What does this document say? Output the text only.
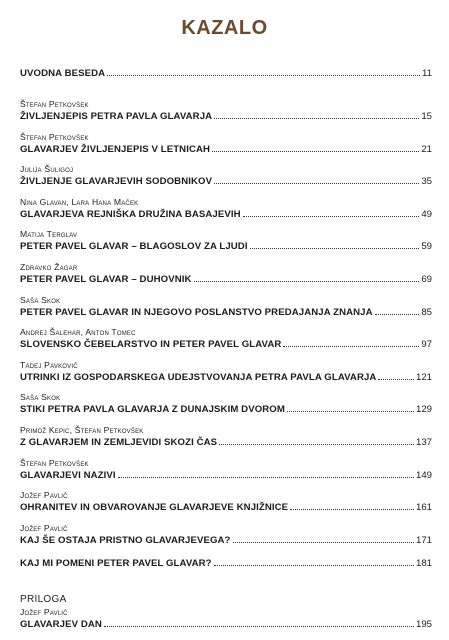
KAZALO
UVODNA BESEDA	11
Štefan Petkovšek
ŽIVLJENJEPIS PETRA PAVLA GLAVARJA	15
Štefan Petkovšek
GLAVARJEV ŽIVLJENJEPIS V LETNICAH	21
Julija Šuligoj
ŽIVLJENJE GLAVARJEVIH SODOBNIKOV	35
Nina Glavan, Lara Hana Maček
GLAVARJEVA REJNIŠKA DRUŽINA BASAJEVIH	49
Matija Terglav
PETER PAVEL GLAVAR – BLAGOSLOV ZA LJUDI	59
Zdravko Žagar
PETER PAVEL GLAVAR – DUHOVNIK	69
Saša Skok
PETER PAVEL GLAVAR IN NJEGOVO POSLANSTVO PREDAJANJA ZNANJA	85
Andrej Šalehar, Anton Tomec
SLOVENSKO ČEBELARSTVO IN PETER PAVEL GLAVAR	97
Tadej Pavkovič
UTRINKI IZ GOSPODARSKEGA UDEJSTVOVANJA PETRA PAVLA GLAVARJA	121
Saša Skok
STIKI PETRA PAVLA GLAVARJA Z DUNAJSKIM DVOROM	129
Primož Kepic, Štefan Petkovšek
Z GLAVARJEM IN ZEMLJEVIDI SKOZI ČAS	137
Štefan Petkovšek
GLAVARJEVI NAZIVI	149
Jožef Pavlič
OHRANITEV IN OBVAROVANJE GLAVARJEVE KNJIŽNICE	161
Jožef Pavlič
KAJ ŠE OSTAJA PRISTNO GLAVARJEVEGA?	171
KAJ MI POMENI PETER PAVEL GLAVAR?	181
PRILOGA
Jožef Pavlič
GLAVARJEV DAN	195
